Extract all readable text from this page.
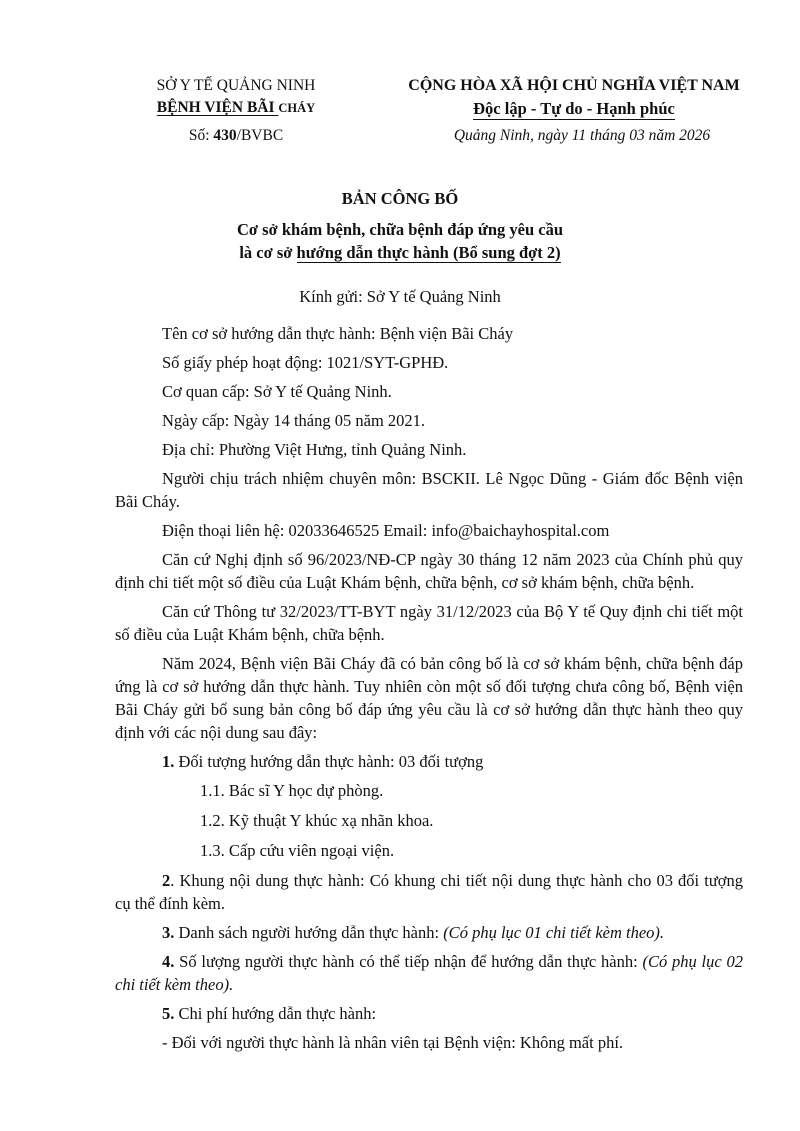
SỞ Y TẾ QUẢNG NINH
BỆNH VIỆN BÃI CHÁY
Số: 430/BVBC
CỘNG HÒA XÃ HỘI CHỦ NGHĨA VIỆT NAM
Độc lập - Tự do - Hạnh phúc
Quảng Ninh, ngày 11 tháng 03 năm 2026
BẢN CÔNG BỐ
Cơ sở khám bệnh, chữa bệnh đáp ứng yêu cầu
là cơ sở hướng dẫn thực hành (Bổ sung đợt 2)
Kính gửi: Sở Y tế Quảng Ninh

Tên cơ sở hướng dẫn thực hành: Bệnh viện Bãi Cháy

Số giấy phép hoạt động: 1021/SYT-GPHĐ.

Cơ quan cấp: Sở Y tế Quảng Ninh.

Ngày cấp: Ngày 14 tháng 05 năm 2021.

Địa chỉ: Phường Việt Hưng, tỉnh Quảng Ninh.

Người chịu trách nhiệm chuyên môn: BSCKII. Lê Ngọc Dũng - Giám đốc Bệnh viện Bãi Cháy.

Điện thoại liên hệ: 02033646525 Email: info@baichayhospital.com

Căn cứ Nghị định số 96/2023/NĐ-CP ngày 30 tháng 12 năm 2023 của Chính phủ quy định chi tiết một số điều của Luật Khám bệnh, chữa bệnh, cơ sở khám bệnh, chữa bệnh.

Căn cứ Thông tư 32/2023/TT-BYT ngày 31/12/2023 của Bộ Y tế Quy định chi tiết một số điều của Luật Khám bệnh, chữa bệnh.

Năm 2024, Bệnh viện Bãi Cháy đã có bản công bố là cơ sở khám bệnh, chữa bệnh đáp ứng là cơ sở hướng dẫn thực hành. Tuy nhiên còn một số đối tượng chưa công bố, Bệnh viện Bãi Cháy gửi bổ sung bản công bố đáp ứng yêu cầu là cơ sở hướng dẫn thực hành theo quy định với các nội dung sau đây:

1. Đối tượng hướng dẫn thực hành: 03 đối tượng

1.1. Bác sĩ Y học dự phòng.

1.2. Kỹ thuật Y khúc xạ nhãn khoa.

1.3. Cấp cứu viên ngoại viện.

2. Khung nội dung thực hành: Có khung chi tiết nội dung thực hành cho 03 đối tượng cụ thể đính kèm.

3. Danh sách người hướng dẫn thực hành: (Có phụ lục 01 chi tiết kèm theo).

4. Số lượng người thực hành có thể tiếp nhận để hướng dẫn thực hành: (Có phụ lục 02 chi tiết kèm theo).

5. Chi phí hướng dẫn thực hành:

- Đối với người thực hành là nhân viên tại Bệnh viện: Không mất phí.
